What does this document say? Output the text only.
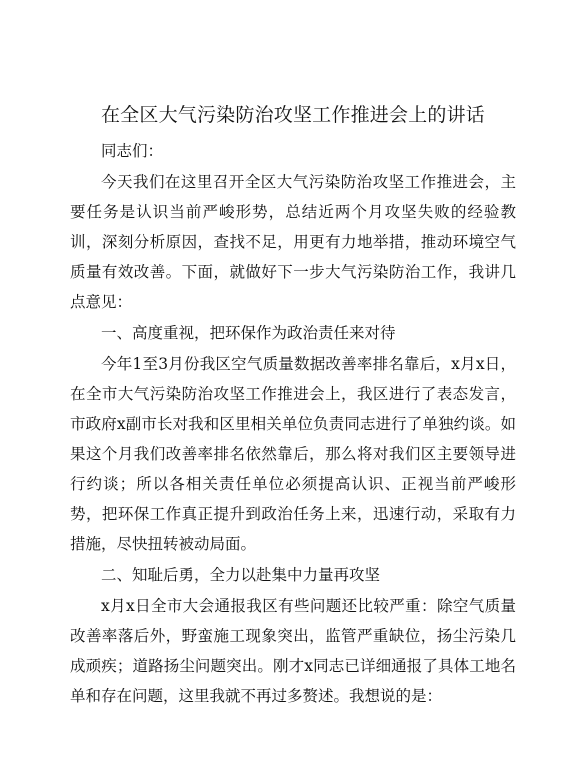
在全区大气污染防治攻坚工作推进会上的讲话

同志们：

今天我们在这里召开全区大气污染防治攻坚工作推进会，主要任务是认识当前严峻形势，总结近两个月攻坚失败的经验教训，深刻分析原因，查找不足，用更有力地举措，推动环境空气质量有效改善。下面，就做好下一步大气污染防治工作，我讲几点意见：

一、高度重视，把环保作为政治责任来对待

今年1至3月份我区空气质量数据改善率排名靠后，x月x日，在全市大气污染防治攻坚工作推进会上，我区进行了表态发言，市政府x副市长对我和区里相关单位负责同志进行了单独约谈。如果这个月我们改善率排名依然靠后，那么将对我们区主要领导进行约谈；所以各相关责任单位必须提高认识、正视当前严峻形势，把环保工作真正提升到政治任务上来，迅速行动，采取有力措施，尽快扭转被动局面。

二、知耻后勇，全力以赴集中力量再攻坚

x月x日全市大会通报我区有些问题还比较严重：除空气质量改善率落后外，野蛮施工现象突出，监管严重缺位，扬尘污染几成顽疾；道路扬尘问题突出。刚才x同志已详细通报了具体工地名单和存在问题，这里我就不再过多赘述。我想说的是：
